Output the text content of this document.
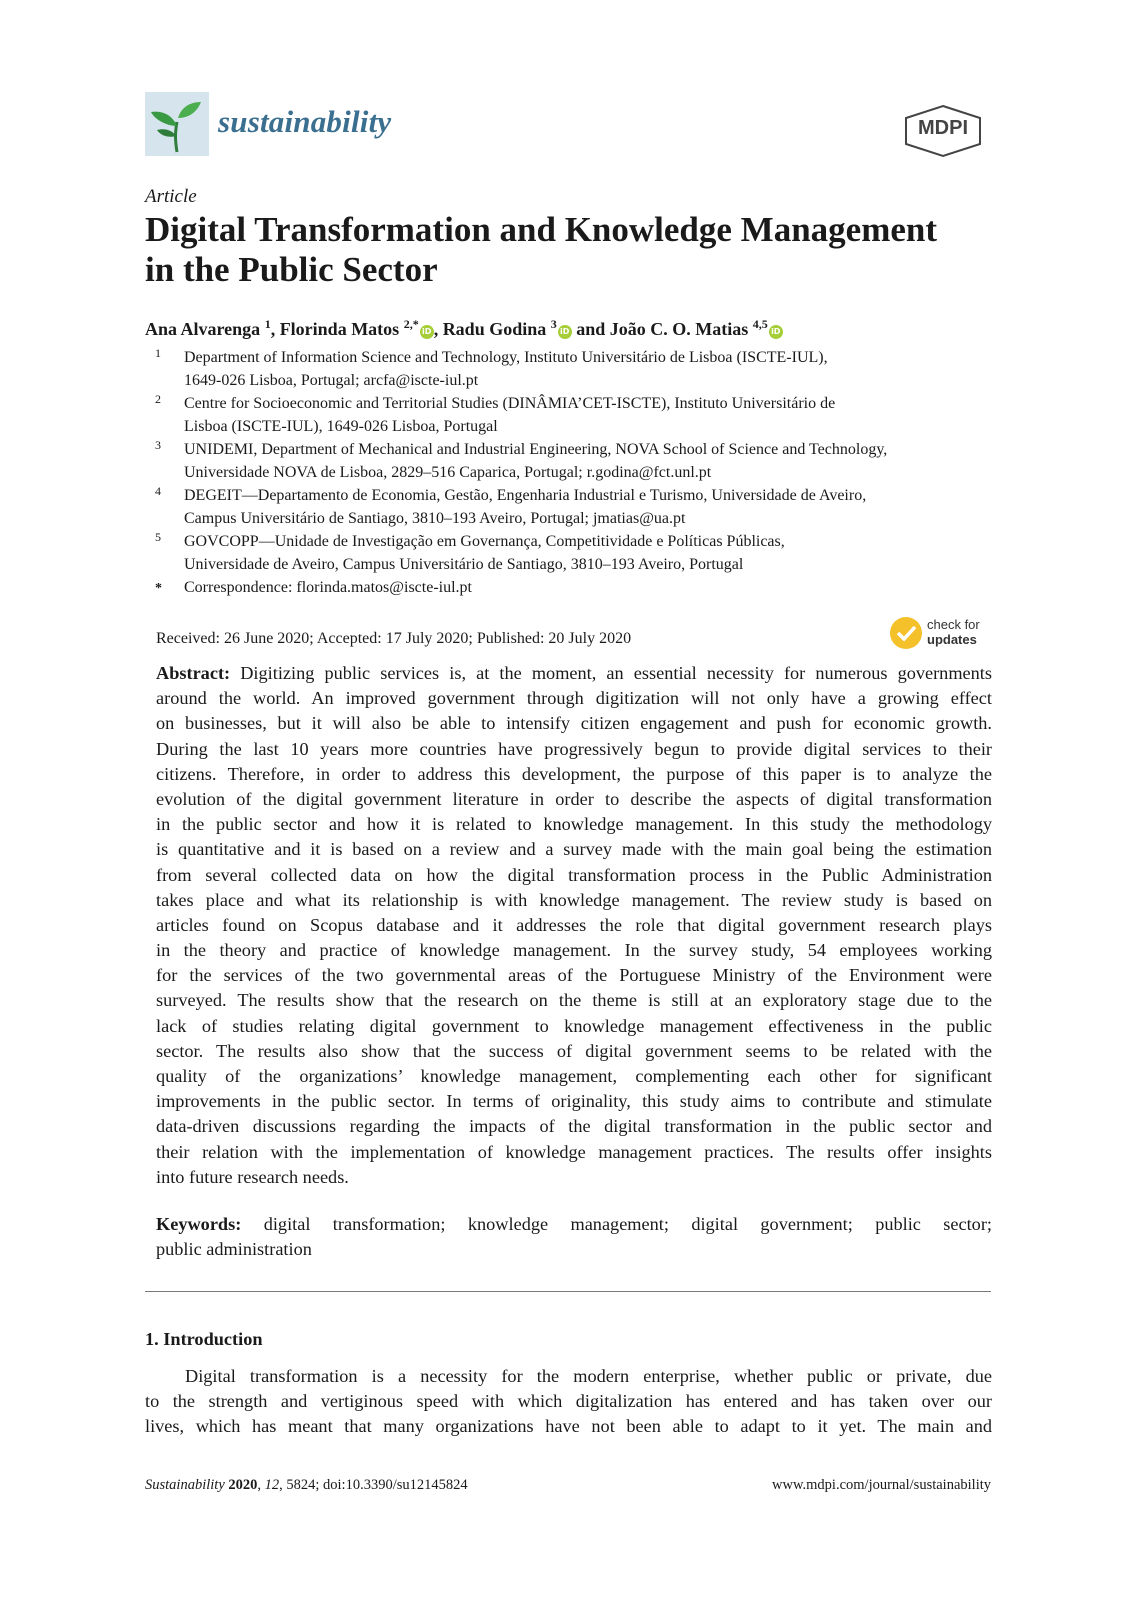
sustainability	MDPI
Article
Digital Transformation and Knowledge Management
in the Public Sector
Ana Alvarenga $^1$, Florinda Matos $^{2,*}$iD , Radu Godina $^3$iD and João C. O. Matias $^{4,5}$iD
1 Department of Information Science and Technology, Instituto Universitário de Lisboa (ISCTE-IUL),
1649-026 Lisboa, Portugal; arcfa@iscte-iul.pt
2 Centre for Socioeconomic and Territorial Studies (DINÂMIA’CET-ISCTE), Instituto Universitário de
Lisboa (ISCTE-IUL), 1649-026 Lisboa, Portugal
3 UNIDEMI, Department of Mechanical and Industrial Engineering, NOVA School of Science and Technology,
Universidade NOVA de Lisboa, 2829–516 Caparica, Portugal; r.godina@fct.unl.pt
4 DEGEIT—Departamento de Economia, Gestão, Engenharia Industrial e Turismo, Universidade de Aveiro,
Campus Universitário de Santiago, 3810–193 Aveiro, Portugal; jmatias@ua.pt
5 GOVCOPP—Unidade de Investigação em Governança, Competitividade e Políticas Públicas,
Universidade de Aveiro, Campus Universitário de Santiago, 3810–193 Aveiro, Portugal
* Correspondence: florinda.matos@iscte-iul.pt
Received: 26 June 2020; Accepted: 17 July 2020; Published: 20 July 2020
check for
updates
Abstract: Digitizing public services is, at the moment, an essential necessity for numerous governments
around the world. An improved government through digitization will not only have a growing effect
on businesses, but it will also be able to intensify citizen engagement and push for economic growth.
During the last 10 years more countries have progressively begun to provide digital services to their
citizens. Therefore, in order to address this development, the purpose of this paper is to analyze the
evolution of the digital government literature in order to describe the aspects of digital transformation
in the public sector and how it is related to knowledge management. In this study the methodology
is quantitative and it is based on a review and a survey made with the main goal being the estimation
from several collected data on how the digital transformation process in the Public Administration
takes place and what its relationship is with knowledge management. The review study is based on
articles found on Scopus database and it addresses the role that digital government research plays
in the theory and practice of knowledge management. In the survey study, 54 employees working
for the services of the two governmental areas of the Portuguese Ministry of the Environment were
surveyed. The results show that the research on the theme is still at an exploratory stage due to the
lack of studies relating digital government to knowledge management effectiveness in the public
sector. The results also show that the success of digital government seems to be related with the
quality of the organizations’ knowledge management, complementing each other for significant
improvements in the public sector. In terms of originality, this study aims to contribute and stimulate
data-driven discussions regarding the impacts of the digital transformation in the public sector and
their relation with the implementation of knowledge management practices. The results offer insights
into future research needs.
Keywords: digital transformation; knowledge management; digital government; public sector;
public administration
1. Introduction
Digital transformation is a necessity for the modern enterprise, whether public or private, due
to the strength and vertiginous speed with which digitalization has entered and has taken over our
lives, which has meant that many organizations have not been able to adapt to it yet. The main and
Sustainability 2020, 12, 5824; doi:10.3390/su12145824	www.mdpi.com/journal/sustainability
